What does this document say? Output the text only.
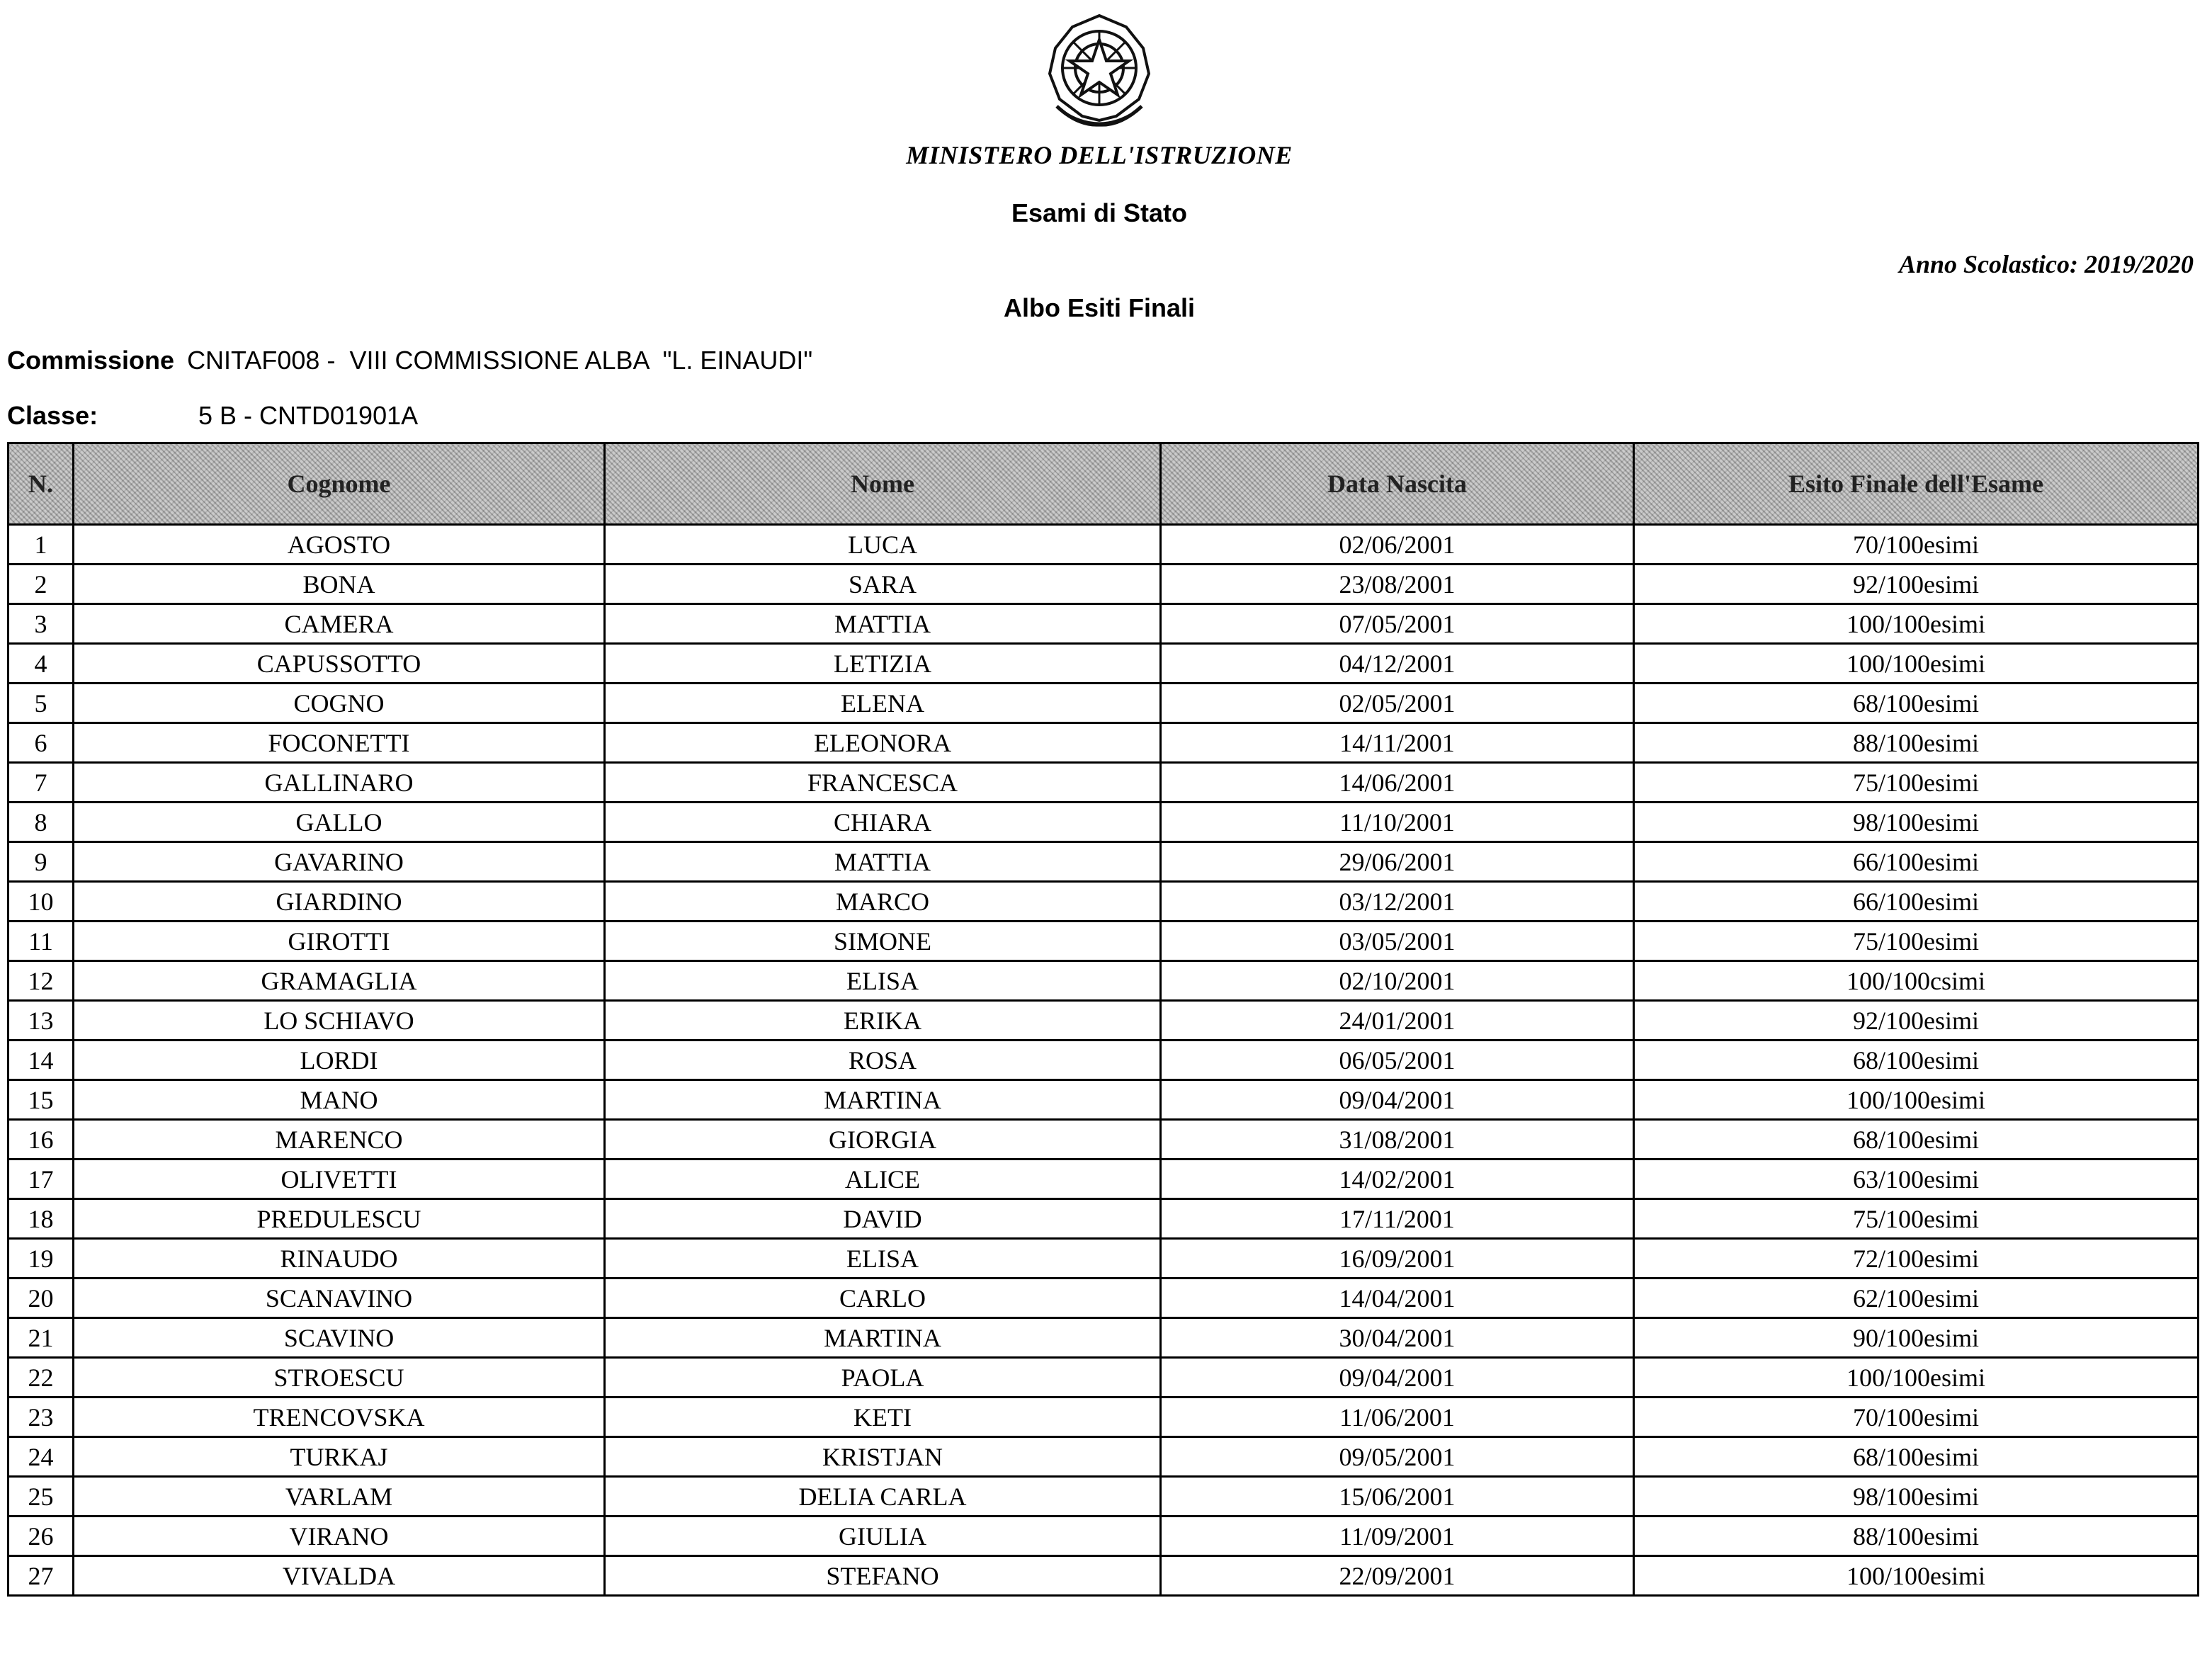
MINISTERO DELL'ISTRUZIONE
Esami di Stato
Anno Scolastico: 2019/2020
Albo Esiti Finali
Commissione CNITAF008 -  VIII COMMISSIONE ALBA  "L. EINAUDI"
Classe:	5 B - CNTD01901A
N.	Cognome	Nome	Data Nascita	Esito Finale dell'Esame
1	AGOSTO	LUCA	02/06/2001	70/100esimi
2	BONA	SARA	23/08/2001	92/100esimi
3	CAMERA	MATTIA	07/05/2001	100/100esimi
4	CAPUSSOTTO	LETIZIA	04/12/2001	100/100esimi
5	COGNO	ELENA	02/05/2001	68/100esimi
6	FOCONETTI	ELEONORA	14/11/2001	88/100esimi
7	GALLINARO	FRANCESCA	14/06/2001	75/100esimi
8	GALLO	CHIARA	11/10/2001	98/100esimi
9	GAVARINO	MATTIA	29/06/2001	66/100esimi
10	GIARDINO	MARCO	03/12/2001	66/100esimi
11	GIROTTI	SIMONE	03/05/2001	75/100esimi
12	GRAMAGLIA	ELISA	02/10/2001	100/100csimi
13	LO SCHIAVO	ERIKA	24/01/2001	92/100esimi
14	LORDI	ROSA	06/05/2001	68/100esimi
15	MANO	MARTINA	09/04/2001	100/100esimi
16	MARENCO	GIORGIA	31/08/2001	68/100esimi
17	OLIVETTI	ALICE	14/02/2001	63/100esimi
18	PREDULESCU	DAVID	17/11/2001	75/100esimi
19	RINAUDO	ELISA	16/09/2001	72/100esimi
20	SCANAVINO	CARLO	14/04/2001	62/100esimi
21	SCAVINO	MARTINA	30/04/2001	90/100esimi
22	STROESCU	PAOLA	09/04/2001	100/100esimi
23	TRENCOVSKA	KETI	11/06/2001	70/100esimi
24	TURKAJ	KRISTJAN	09/05/2001	68/100esimi
25	VARLAM	DELIA CARLA	15/06/2001	98/100esimi
26	VIRANO	GIULIA	11/09/2001	88/100esimi
27	VIVALDA	STEFANO	22/09/2001	100/100esimi
